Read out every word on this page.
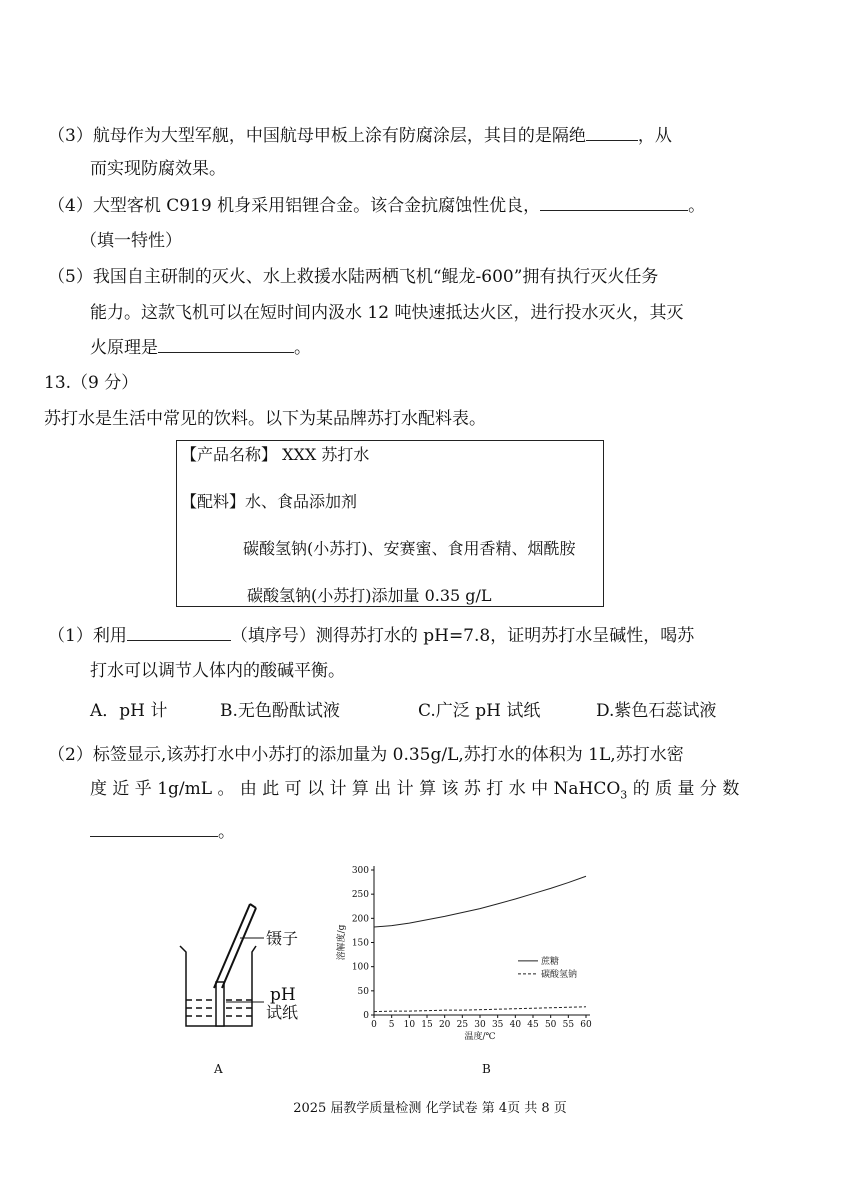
（3）航母作为大型军舰，中国航母甲板上涂有防腐涂层，其目的是隔绝	，从
而实现防腐效果。
（4）大型客机 C919 机身采用铝锂合金。该合金抗腐蚀性优良，	。
（填一特性）
（5）我国自主研制的灭火、水上救援水陆两栖飞机“鲲龙-600”拥有执行灭火任务
能力。这款飞机可以在短时间内汲水 12 吨快速抵达火区，进行投水灭火，其灭
火原理是	。
13.（9 分）
苏打水是生活中常见的饮料。以下为某品牌苏打水配料表。
【产品名称】 XXX 苏打水
【配料】水、食品添加剂
碳酸氢钠(小苏打)、安赛蜜、食用香精、烟酰胺
碳酸氢钠(小苏打)添加量 0.35 g/L
（1）利用	（填序号）测得苏打水的 pH=7.8，证明苏打水呈碱性，喝苏
打水可以调节人体内的酸碱平衡。
A．pH 计	B.无色酚酞试液	C.广泛 pH 试纸	D.紫色石蕊试液
（2）标签显示,该苏打水中小苏打的添加量为 0.35g/L,苏打水的体积为 1L,苏打水密
度 近 乎 1g/mL 。 由 此 可 以 计 算 出 计 算 该 苏 打 水 中 NaHCO$_3$ 的 质 量 分 数
。
镊子
pH
试纸
A
0
50
100
150
200
250
300
0 5 10 15 20 25 30 35 40 45 50 55 60
温度/℃
溶解度/g
蔗糖
碳酸氢钠
B
2025 届教学质量检测 化学试卷 第 4页 共 8 页
